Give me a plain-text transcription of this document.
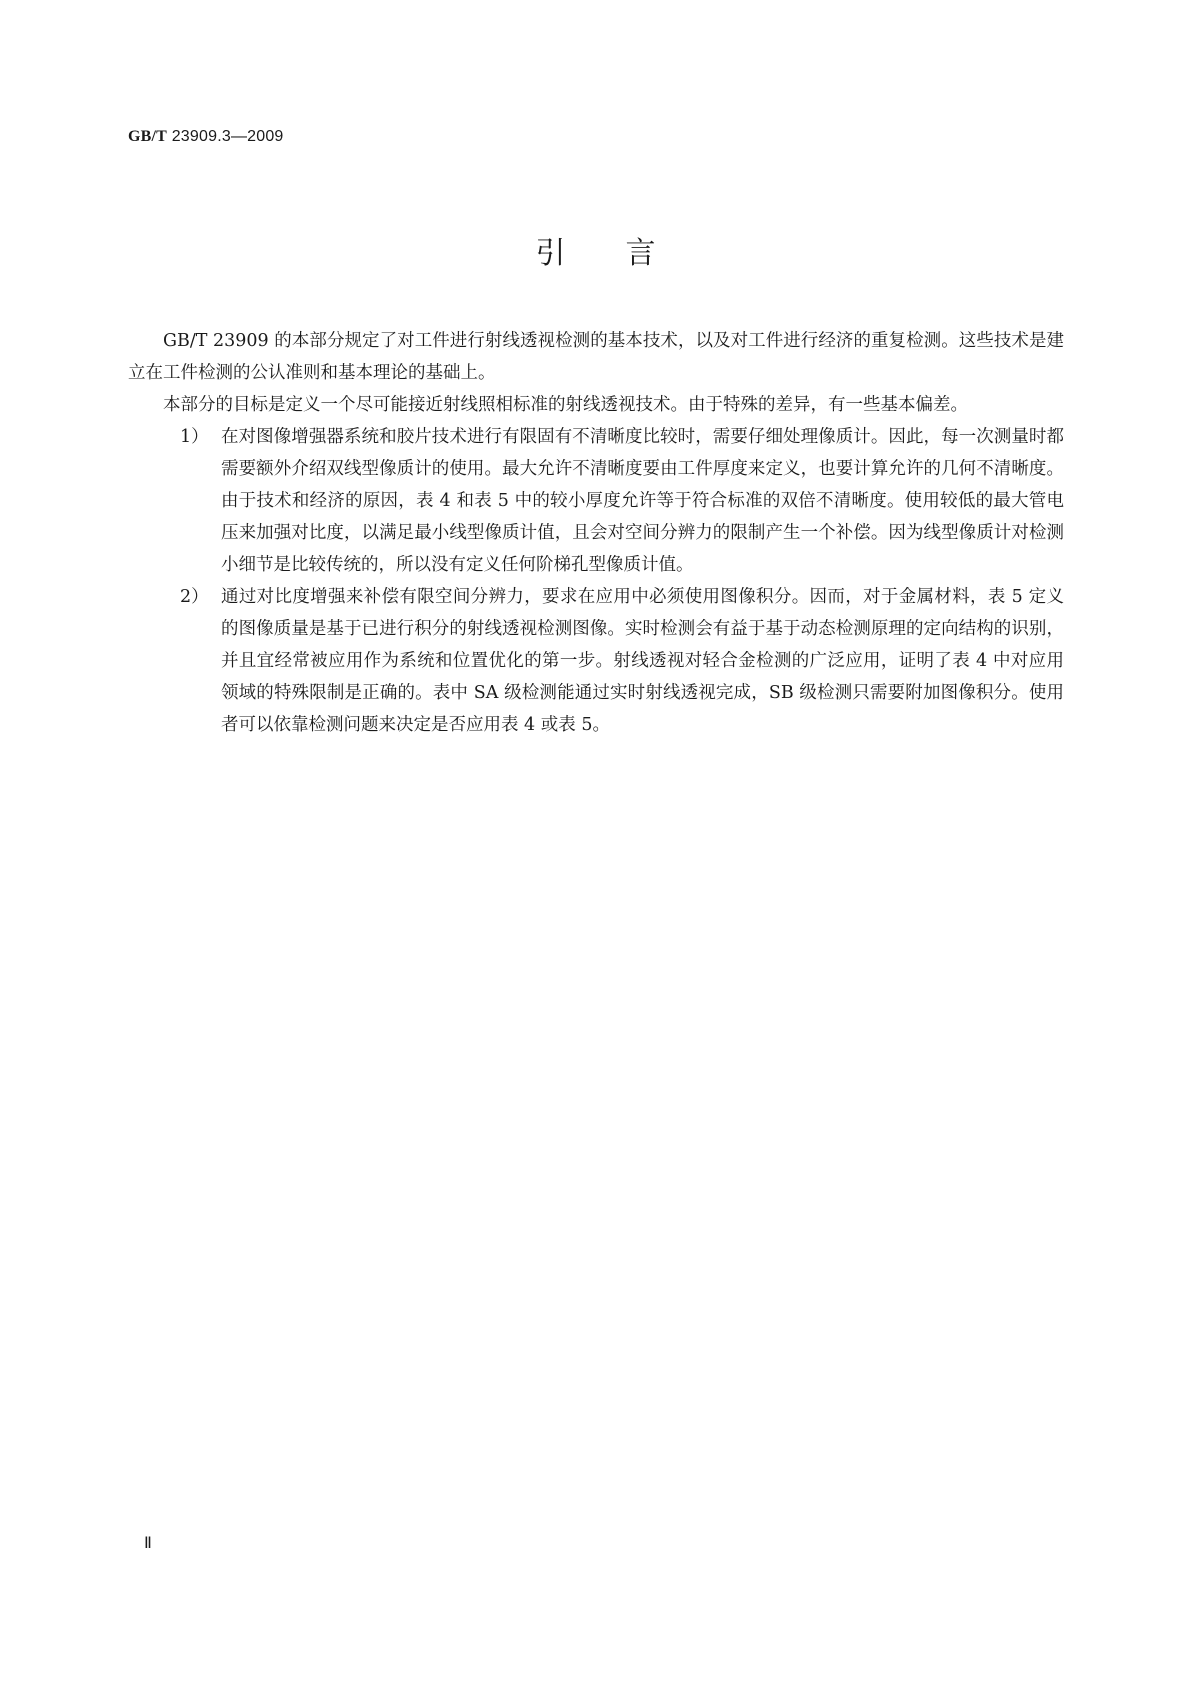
GB/T 23909.3—2009
引言

GB/T 23909 的本部分规定了对工件进行射线透视检测的基本技术，以及对工件进行经济的重复检测。这些技术是建立在工件检测的公认准则和基本理论的基础上。

本部分的目标是定义一个尽可能接近射线照相标准的射线透视技术。由于特殊的差异，有一些基本偏差。

1） 在对图像增强器系统和胶片技术进行有限固有不清晰度比较时，需要仔细处理像质计。因此，每一次测量时都需要额外介绍双线型像质计的使用。最大允许不清晰度要由工件厚度来定义，也要计算允许的几何不清晰度。由于技术和经济的原因，表 4 和表 5 中的较小厚度允许等于符合标准的双倍不清晰度。使用较低的最大管电压来加强对比度，以满足最小线型像质计值，且会对空间分辨力的限制产生一个补偿。因为线型像质计对检测小细节是比较传统的，所以没有定义任何阶梯孔型像质计值。
2） 通过对比度增强来补偿有限空间分辨力，要求在应用中必须使用图像积分。因而，对于金属材料，表 5 定义的图像质量是基于已进行积分的射线透视检测图像。实时检测会有益于基于动态检测原理的定向结构的识别，并且宜经常被应用作为系统和位置优化的第一步。射线透视对轻合金检测的广泛应用，证明了表 4 中对应用领域的特殊限制是正确的。表中 SA 级检测能通过实时射线透视完成，SB 级检测只需要附加图像积分。使用者可以依靠检测问题来决定是否应用表 4 或表 5。
Ⅱ
